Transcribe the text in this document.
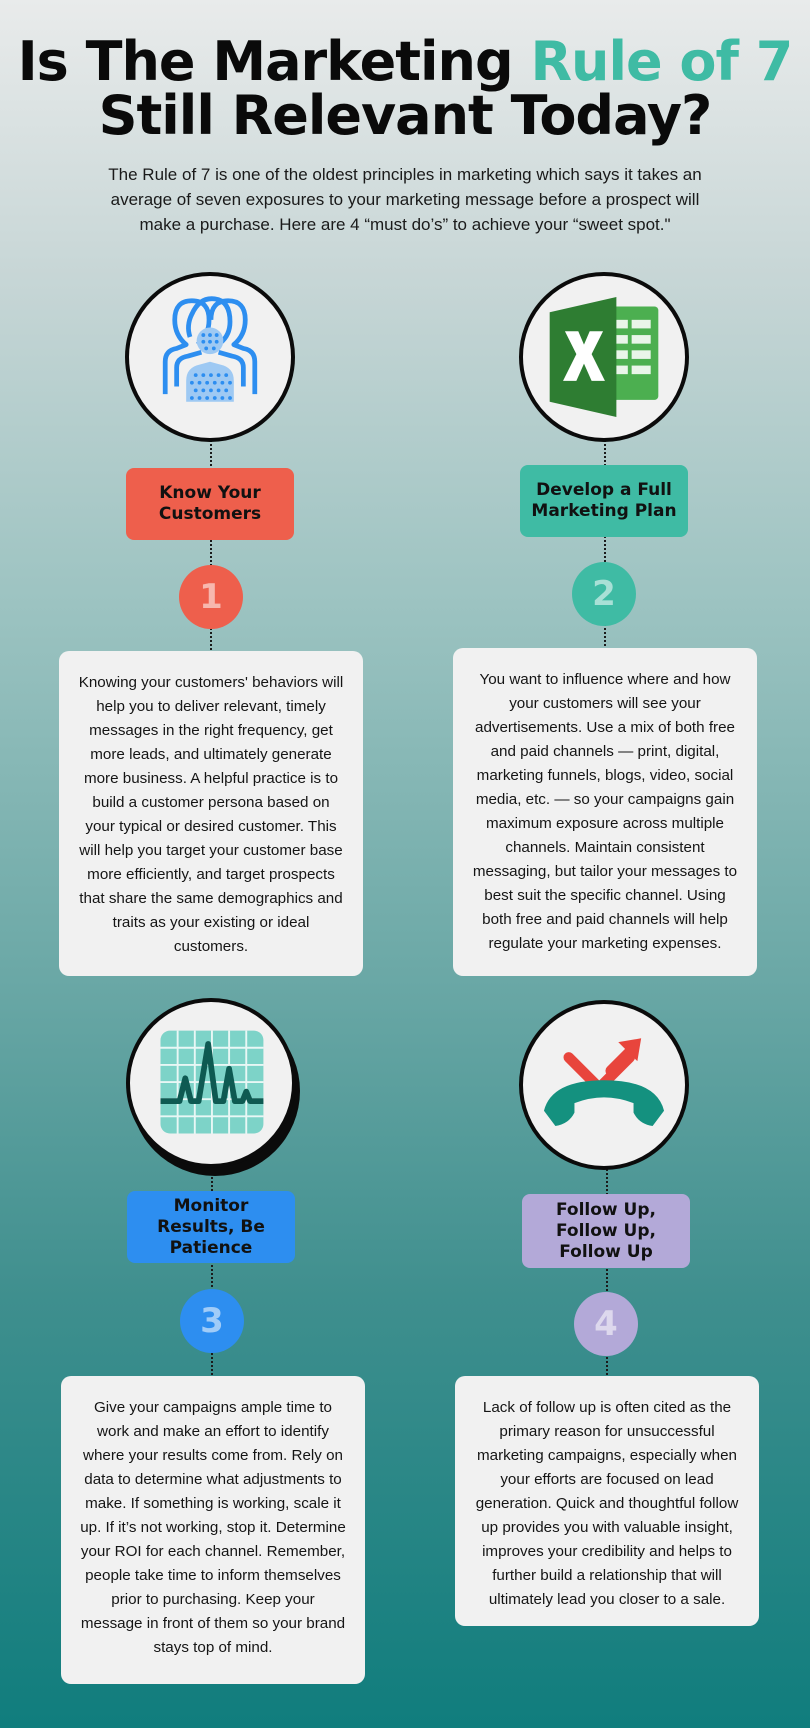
Is The Marketing Rule of 7
Still Relevant Today?

The Rule of 7 is one of the oldest principles in marketing which says it takes an average of seven exposures to your marketing message before a prospect will make a purchase. Here are 4 “must do’s” to achieve your “sweet spot."

Know Your Customers
1
Knowing your customers' behaviors will help you to deliver relevant, timely messages in the right frequency, get more leads, and ultimately generate more business. A helpful practice is to build a customer persona based on your typical or desired customer. This will help you target your customer base more efficiently, and target prospects that share the same demographics and traits as your existing or ideal customers.
Develop a Full Marketing Plan
2
You want to influence where and how your customers will see your advertisements. Use a mix of both free and paid channels — print, digital, marketing funnels, blogs, video, social media, etc. — so your campaigns gain maximum exposure across multiple channels. Maintain consistent messaging, but tailor your messages to best suit the specific channel. Using both free and paid channels will help regulate your marketing expenses.
Monitor Results, Be Patience
3
Give your campaigns ample time to work and make an effort to identify where your results come from. Rely on data to determine what adjustments to make. If something is working, scale it up. If it’s not working, stop it. Determine your ROI for each channel. Remember, people take time to inform themselves prior to purchasing. Keep your message in front of them so your brand stays top of mind.
Follow Up, Follow Up, Follow Up
4
Lack of follow up is often cited as the primary reason for unsuccessful marketing campaigns, especially when your efforts are focused on lead generation. Quick and thoughtful follow up provides you with valuable insight, improves your credibility and helps to further build a relationship that will ultimately lead you closer to a sale.
